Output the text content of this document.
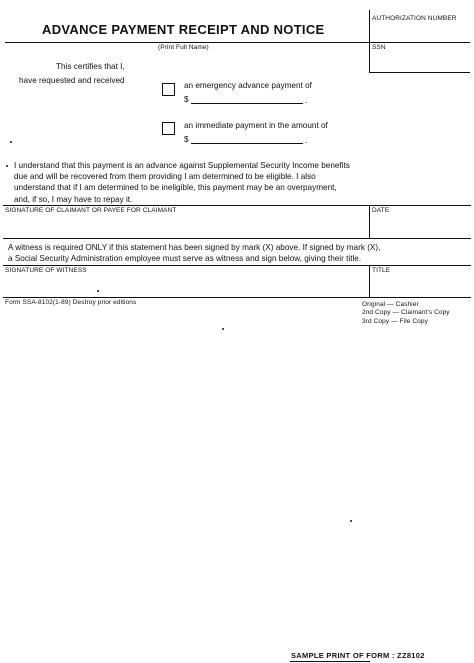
ADVANCE PAYMENT RECEIPT AND NOTICE
AUTHORIZATION NUMBER
(Print Full Name)	SSN
This certifies that I,
have requested and received
an emergency advance payment of
$	.
an immediate payment in the amount of
$	.
I understand that this payment is an advance against Supplemental Security Income benefits
due and will be recovered from them providing I am determined to be eligible. I also
understand that if I am determined to be ineligible, this payment may be an overpayment,
and, if so, I may have to repay it.
SIGNATURE OF CLAIMANT OR PAYEE FOR CLAIMANT	DATE
A witness is required ONLY if this statement has been signed by mark (X) above. If signed by mark (X),
a Social Security Administration employee must serve as witness and sign below, giving their title.
SIGNATURE OF WITNESS	TITLE
Form SSA-8102(1-89) Destroy prior editions	Original — Cashier
2nd Copy — Claimant's Copy
3rd Copy — File Copy
SAMPLE PRINT OF FORM : ZZ8102
